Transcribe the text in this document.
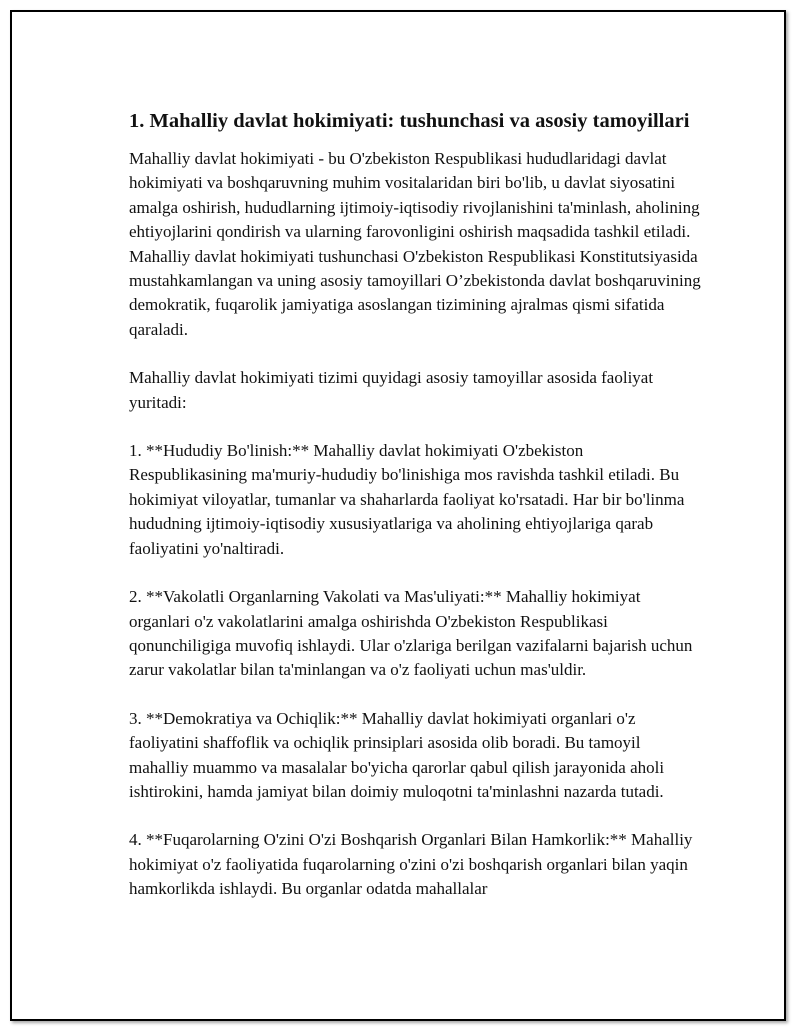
1. Mahalliy davlat hokimiyati: tushunchasi va asosiy tamoyillari

Mahalliy davlat hokimiyati - bu O'zbekiston Respublikasi hududlaridagi davlat hokimiyati va boshqaruvning muhim vositalaridan biri bo'lib, u davlat siyosatini amalga oshirish, hududlarning ijtimoiy-iqtisodiy rivojlanishini ta'minlash, aholining ehtiyojlarini qondirish va ularning farovonligini oshirish maqsadida tashkil etiladi. Mahalliy davlat hokimiyati tushunchasi O'zbekiston Respublikasi Konstitutsiyasida mustahkamlangan va uning asosiy tamoyillari O’zbekistonda davlat boshqaruvining demokratik, fuqarolik jamiyatiga asoslangan tizimining ajralmas qismi sifatida qaraladi.

Mahalliy davlat hokimiyati tizimi quyidagi asosiy tamoyillar asosida faoliyat yuritadi:

1. **Hududiy Bo'linish:** Mahalliy davlat hokimiyati O'zbekiston Respublikasining ma'muriy-hududiy bo'linishiga mos ravishda tashkil etiladi. Bu hokimiyat viloyatlar, tumanlar va shaharlarda faoliyat ko'rsatadi. Har bir bo'linma hududning ijtimoiy-iqtisodiy xususiyatlariga va aholining ehtiyojlariga qarab faoliyatini yo'naltiradi.

2. **Vakolatli Organlarning Vakolati va Mas'uliyati:** Mahalliy hokimiyat organlari o'z vakolatlarini amalga oshirishda O'zbekiston Respublikasi qonunchiligiga muvofiq ishlaydi. Ular o'zlariga berilgan vazifalarni bajarish uchun zarur vakolatlar bilan ta'minlangan va o'z faoliyati uchun mas'uldir.

3. **Demokratiya va Ochiqlik:** Mahalliy davlat hokimiyati organlari o'z faoliyatini shaffoflik va ochiqlik prinsiplari asosida olib boradi. Bu tamoyil mahalliy muammo va masalalar bo'yicha qarorlar qabul qilish jarayonida aholi ishtirokini, hamda jamiyat bilan doimiy muloqotni ta'minlashni nazarda tutadi.

4. **Fuqarolarning O'zini O'zi Boshqarish Organlari Bilan Hamkorlik:** Mahalliy hokimiyat o'z faoliyatida fuqarolarning o'zini o'zi boshqarish organlari bilan yaqin hamkorlikda ishlaydi. Bu organlar odatda mahallalar
